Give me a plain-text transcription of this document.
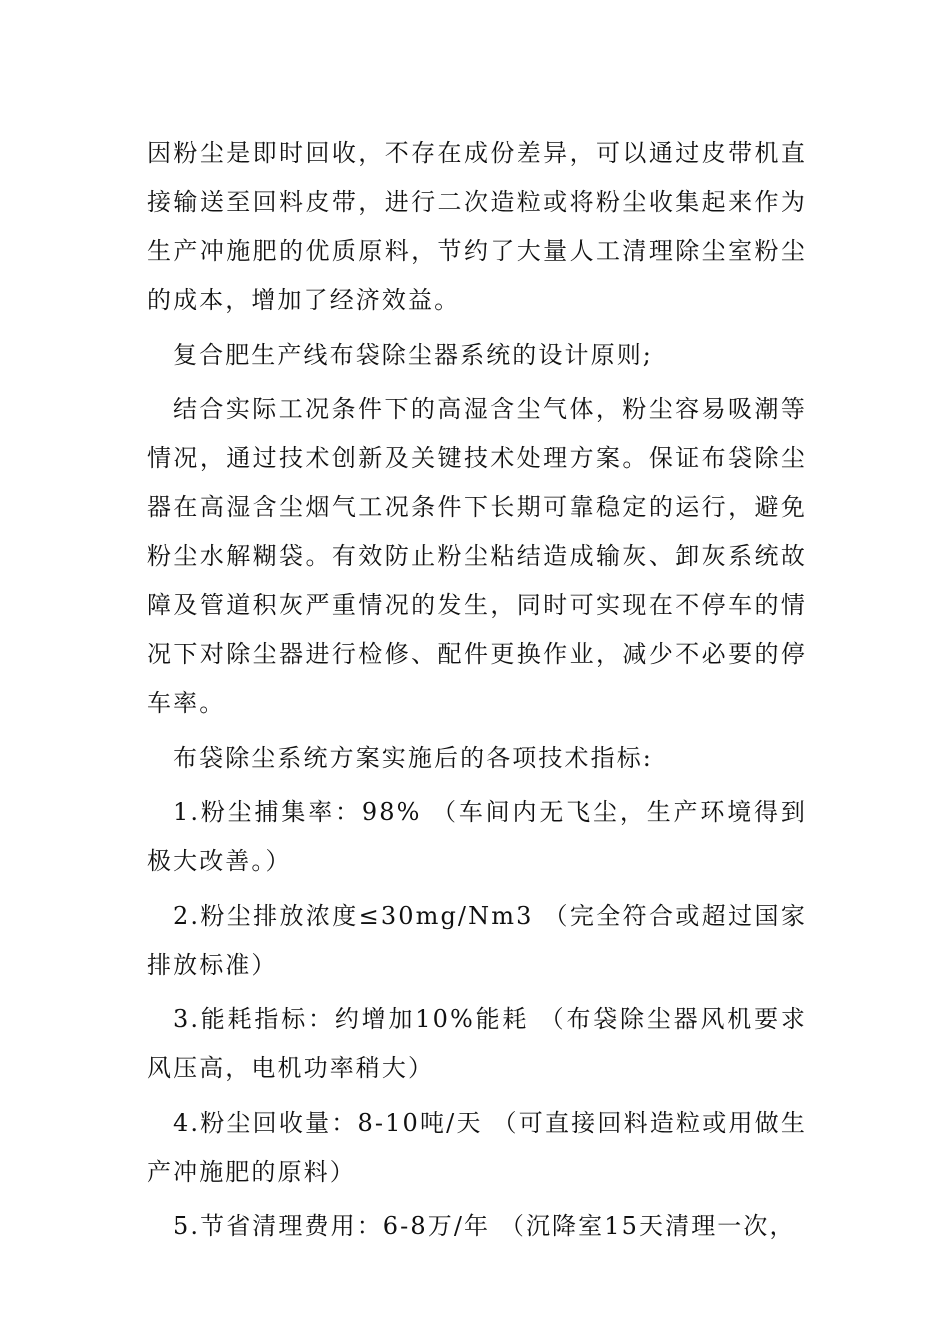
因粉尘是即时回收，不存在成份差异，可以通过皮带机直接输送至回料皮带，进行二次造粒或将粉尘收集起来作为生产冲施肥的优质原料，节约了大量人工清理除尘室粉尘的成本，增加了经济效益。

复合肥生产线布袋除尘器系统的设计原则;

结合实际工况条件下的高湿含尘气体，粉尘容易吸潮等情况，通过技术创新及关键技术处理方案。保证布袋除尘器在高湿含尘烟气工况条件下长期可靠稳定的运行，避免粉尘水解糊袋。有效防止粉尘粘结造成输灰、卸灰系统故障及管道积灰严重情况的发生，同时可实现在不停车的情况下对除尘器进行检修、配件更换作业，减少不必要的停车率。

布袋除尘系统方案实施后的各项技术指标:

1.粉尘捕集率：98% （车间内无飞尘，生产环境得到极大改善。）

2.粉尘排放浓度≤30mg/Nm3 （完全符合或超过国家排放标准）

3.能耗指标：约增加10%能耗 （布袋除尘器风机要求风压高，电机功率稍大）

4.粉尘回收量：8-10吨/天 （可直接回料造粒或用做生产冲施肥的原料）

5.节省清理费用：6-8万/年 （沉降室15天清理一次，
